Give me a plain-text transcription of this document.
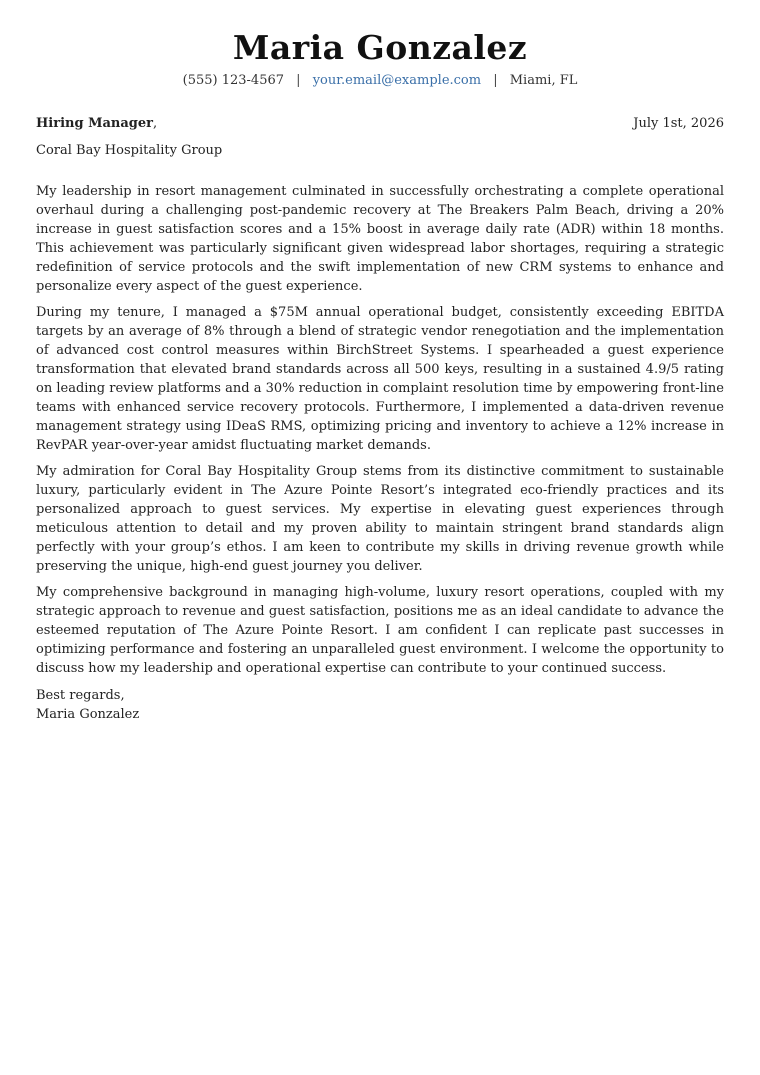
Maria Gonzalez
(555) 123-4567 | your.email@example.com | Miami, FL
Hiring Manager,	July 1st, 2026
Coral Bay Hospitality Group

My leadership in resort management culminated in successfully orchestrating a complete operational overhaul during a challenging post-pandemic recovery at The Breakers Palm Beach, driving a 20% increase in guest satisfaction scores and a 15% boost in average daily rate (ADR) within 18 months. This achievement was particularly significant given widespread labor shortages, requiring a strategic redefinition of service protocols and the swift implementation of new CRM systems to enhance and personalize every aspect of the guest experience.

During my tenure, I managed a $75M annual operational budget, consistently exceeding EBITDA targets by an average of 8% through a blend of strategic vendor renegotiation and the implementation of advanced cost control measures within BirchStreet Systems. I spearheaded a guest experience transformation that elevated brand standards across all 500 keys, resulting in a sustained 4.9/5 rating on leading review platforms and a 30% reduction in complaint resolution time by empowering front-line teams with enhanced service recovery protocols. Furthermore, I implemented a data-driven revenue management strategy using IDeaS RMS, optimizing pricing and inventory to achieve a 12% increase in RevPAR year-over-year amidst fluctuating market demands.

My admiration for Coral Bay Hospitality Group stems from its distinctive commitment to sustainable luxury, particularly evident in The Azure Pointe Resort’s integrated eco-friendly practices and its personalized approach to guest services. My expertise in elevating guest experiences through meticulous attention to detail and my proven ability to maintain stringent brand standards align perfectly with your group’s ethos. I am keen to contribute my skills in driving revenue growth while preserving the unique, high-end guest journey you deliver.

My comprehensive background in managing high-volume, luxury resort operations, coupled with my strategic approach to revenue and guest satisfaction, positions me as an ideal candidate to advance the esteemed reputation of The Azure Pointe Resort. I am confident I can replicate past successes in optimizing performance and fostering an unparalleled guest environment. I welcome the opportunity to discuss how my leadership and operational expertise can contribute to your continued success.

Best regards,
Maria Gonzalez
